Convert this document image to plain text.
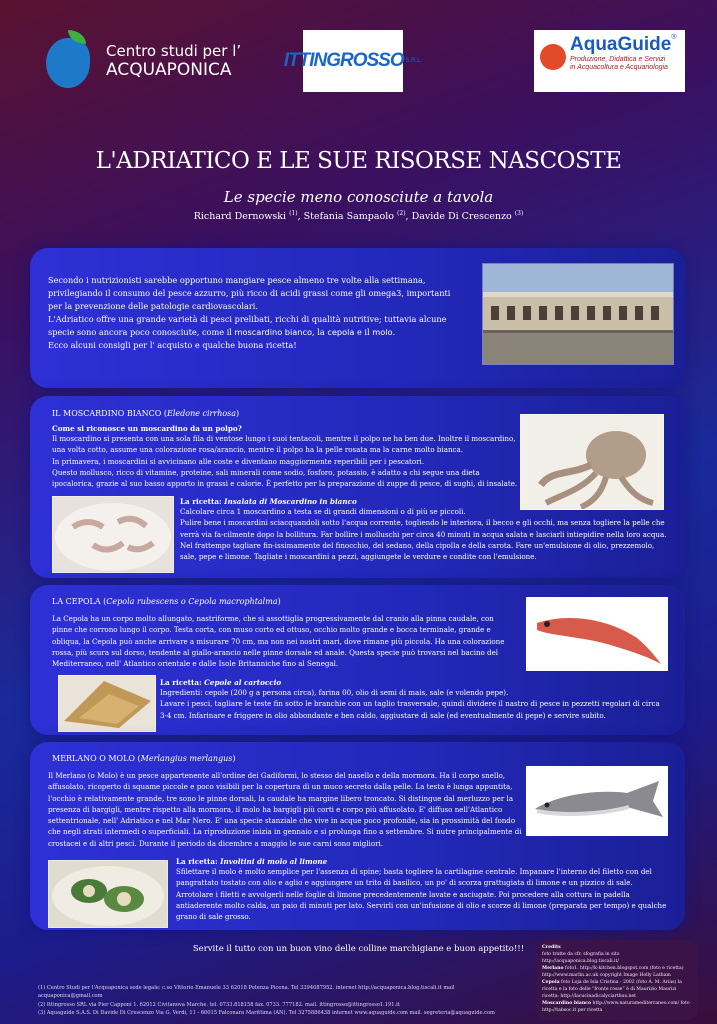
Centro studi per l’
ACQUAPONICA	ITTINGROSSO S.R.L.
AquaGuide®
Produzione, Didattica e Servizi
in Acquacoltura e Acquariologia
L'ADRIATICO E LE SUE RISORSE NASCOSTE
Le specie meno conosciute a tavola
Richard Dernowski $^{(1)}$, Stefania Sampaolo $^{(2)}$, Davide Di Crescenzo $^{(3)}$
Secondo i nutrizionisti sarebbe opportuno mangiare pesce almeno tre volte alla settimana, privilegiando il consumo del pesce azzurro, più ricco di acidi grassi come gli omega3, importanti per la prevenzione delle patologie cardiovascolari.
L'Adriatico offre una grande varietà di pesci prelibati, ricchi di qualità nutritive; tuttavia alcune specie sono ancora poco conosciute, come il moscardino bianco, la cepola e il molo.
Ecco alcuni consigli per l' acquisto e qualche buona ricetta!
IL MOSCARDINO BIANCO (Eledone cirrhosa)
Come si riconosce un moscardino da un polpo?
Il moscardino si presenta con una sola fila di ventose lungo i suoi tentacoli, mentre il polpo ne ha ben due. Inoltre il moscardino, una volta cotto, assume una colorazione rosa/arancio, mentre il polpo ha la pelle rosata ma la carne molto bianca.
In primavera, i moscardini si avvicinano alle coste e diventano maggiormente reperibili per i pescatori.
Questo mollusco, ricco di vitamine, proteine, sali minerali come sodio, fosforo, potassio, è adatto a chi segue una dieta ipocalorica, grazie al suo basso apporto in grassi e calorie. È perfetto per la preparazione di zuppe di pesce, di sughi, di insalate.
La ricetta: Insalata di Moscardino in bianco
Calcolare circa 1 moscardino a testa se di grandi dimensioni o di più se piccoli.
Pulire bene i moscardini sciacquandoli sotto l'acqua corrente, togliendo le interiora, il becco e gli occhi, ma senza togliere la pelle che verrà via fa-cilmente dopo la bollitura. Far bollire i molluschi per circa 40 minuti in acqua salata e lasciarli intiepidire nella loro acqua. Nel frattempo tagliare fin-issimamente del finocchio, del sedano, della cipolla e della carota. Fare un'emulsione di olio, prezzemolo, sale, pepe e limone. Tagliate i moscardini a pezzi, aggiungete le verdure e condite con l'emulsione.
LA CEPOLA (Cepola rubescens o Cepola macrophtalma)
La Cepola ha un corpo molto allungato, nastriforme, che si assottiglia progressivamente dal cranio alla pinna caudale, con pinne che corrono lungo il corpo. Testa corta, con muso corto ed ottuso, occhio molto grande e bocca terminale, grande e obliqua, la Cepola può anche arrivare a misurare 70 cm, ma non nei nostri mari, dove rimane più piccola. Ha una colorazione rossa, più scura sul dorso, tendente al giallo-arancio nelle pinne dorsale ed anale. Questa specie può trovarsi nel bacino del Mediterraneo, nell' Atlantico orientale e dalle Isole Britanniche fino al Senegal.
La ricetta: Cepole al cartoccio
Ingredienti: cepole (200 g a persona circa), farina 00, olio di semi di mais, sale (e volendo pepe).
Lavare i pesci, tagliare le teste fin sotto le branchie con un taglio trasversale, quindi dividere il nastro di pesce in pezzetti regolari di circa 3-4 cm. Infarinare e friggere in olio abbondante e ben caldo, aggiustare di sale (ed eventualmente di pepe) e servire subito.
MERLANO O MOLO (Merlangius merlangus)
Il Merlano (o Molo) è un pesce appartenente all'ordine dei Gadiformi, lo stesso del nasello e della mormora. Ha il corpo snello, affusolato, ricoperto di squame piccole e poco visibili per la copertura di un muco secreto dalla pelle. La testa è lunga appuntita, l'occhio è relativamente grande, tre sono le pinne dorsali, la caudale ha margine libero troncato. Si distingue dal merluzzo per la presenza di bargigli, mentre rispetto alla mormora, il molo ha bargigli più corti e corpo più affusolato. E' diffuso nell'Atlantico settentrionale, nell' Adriatico e nel Mar Nero. E' una specie stanziale che vive in acque poco profonde, sia in prossimità del fondo che negli strati intermedi o superficiali. La riproduzione inizia in gennaio e si prolunga fino a settembre. Si nutre principalmente di crostacei e di altri pesci. Durante il periodo da dicembre a maggio le sue carni sono migliori.
La ricetta: Involtini di molo al limone
Sfilettare il molo è molto semplice per l'assenza di spine; basta togliere la cartilagine centrale. Impanare l'interno del filetto con del pangrattato tostato con olio e aglio e aggiungere un trito di basilico, un po' di scorza grattugiata di limone e un pizzico di sale. Arrotolare i filetti e avvolgerli nelle foglie di limone precedentemente lavate e asciugate. Poi procedere alla cottura in padella antiaderente molto calda, un paio di minuti per lato. Servirli con un'infusione di olio e scorze di limone (preparata per tempo) e qualche grano di sale grosso.
Servite il tutto con un buon vino delle colline marchigiane e buon appetito!!!
(1) Centro Studi per l'Acquaponica sede legale: c.so Vittorio Emanuele 33 62018 Potenza Picena. Tel 3394087952. internet http://acquaponica.blog.tiscali.it mail acquaponica@gmail.com
(2) Ittingrosso SRL via Pier Capponi 1. 62012 Civitanova Marche. tel. 0733.818158 fax. 0733. 777182. mail. ittingrosso@ittingrosso1.191.it
(3) Aquaguide S.A.S. Di Davide Di Crescenzo Via G. Verdi, 11 - 60015 Falconara Marittima (AN). Tel 3275886438 internet www.aquaguide.com mail. segreteria@aquaguide.com
Credits
foto tratte da cfr. sfografia in sito http://acquaponica.blog.tiscali.it/
Merlano foto1. http://k-kitchen.blogspot.com (foto e ricetta) http://www.marlin.ac.uk copyright Image Holly Latham
Cepola foto Loja de Isla Cristina - 2002 (foto A. M. Arias) la ricetta e la foto delle “fronte rosse” è di Maurizio Maurizi ricetta: http://lacucinadicalyciarthus.net
Moscardino bianco http://www.naturamediterraneo.com/ foto http://tabsoc.it per ricetta
